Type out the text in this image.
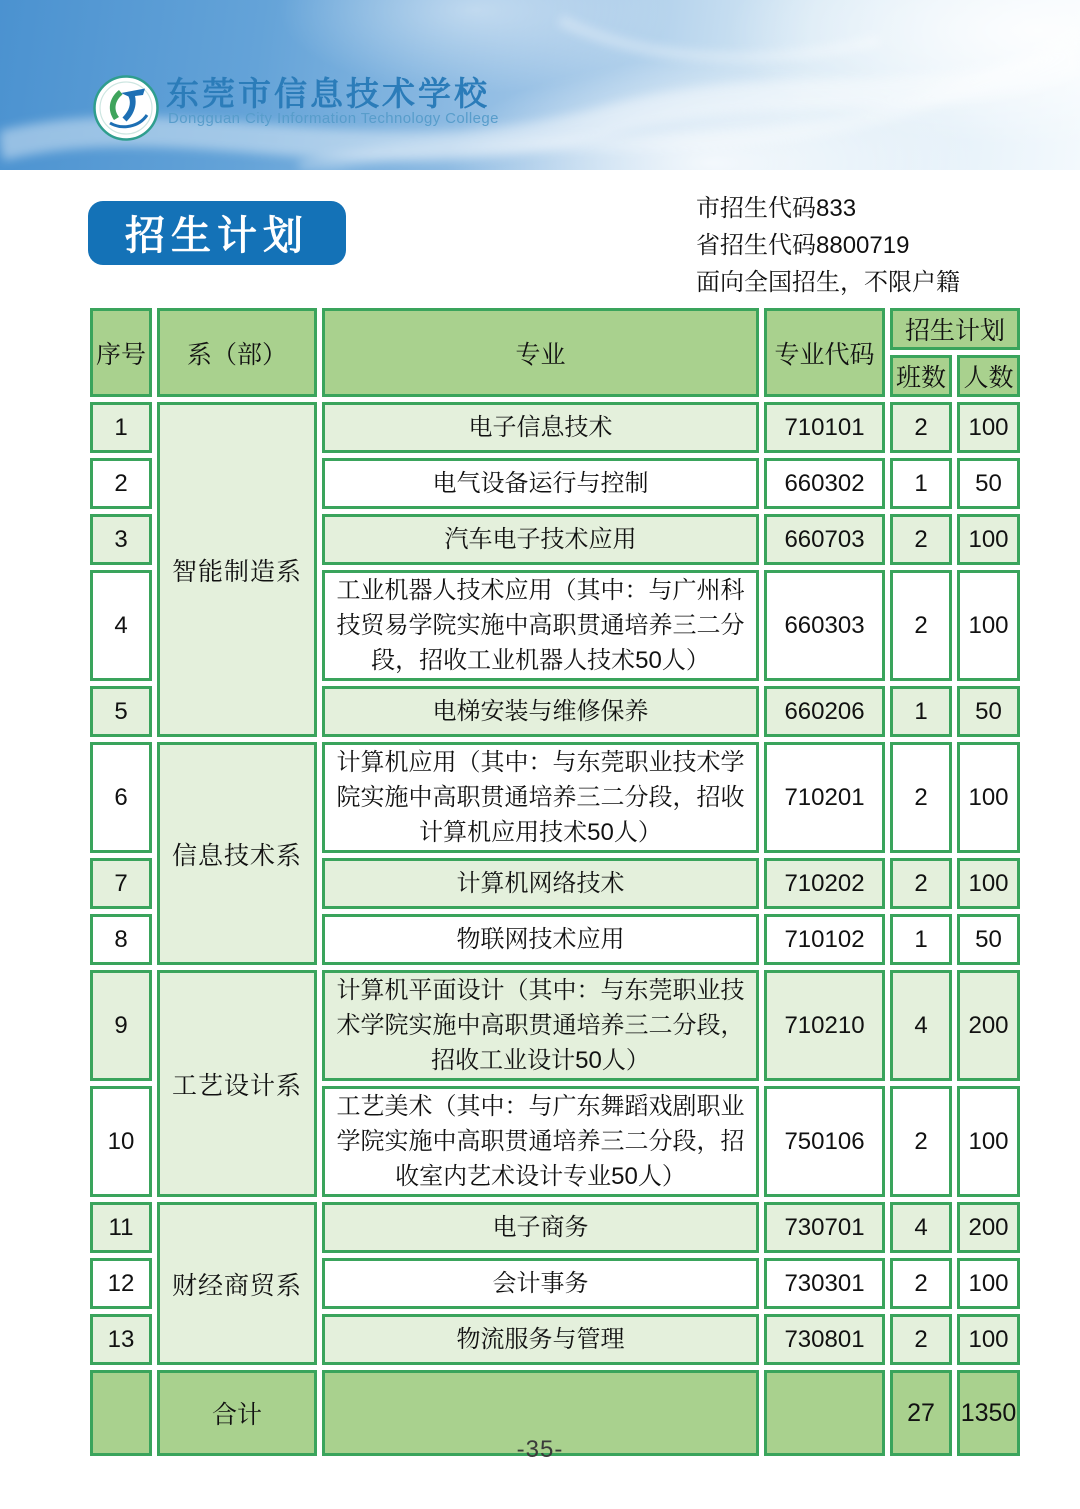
东莞市信息技术学校
Dongguan City Information Technology College
招生计划
市招生代码833
省招生代码8800719
面向全国招生，不限户籍
序号	系（部）	专业	专业代码	招生计划	
				班数	人数
1	智能制造系	电子信息技术	710101	2	100
2		电气设备运行与控制	660302	1	50
3		汽车电子技术应用	660703	2	100
4		工业机器人技术应用（其中：与广州科技贸易学院实施中高职贯通培养三二分段，招收工业机器人技术50人）	660303	2	100
5		电梯安装与维修保养	660206	1	50
6	信息技术系	计算机应用（其中：与东莞职业技术学院实施中高职贯通培养三二分段，招收计算机应用技术50人）	710201	2	100
7		计算机网络技术	710202	2	100
8		物联网技术应用	710102	1	50
9	工艺设计系	计算机平面设计（其中：与东莞职业技术学院实施中高职贯通培养三二分段，招收工业设计50人）	710210	4	200
10		工艺美术（其中：与广东舞蹈戏剧职业学院实施中高职贯通培养三二分段，招收室内艺术设计专业50人）	750106	2	100
11	财经商贸系	电子商务	730701	4	200
12		会计事务	730301	2	100
13		物流服务与管理	730801	2	100
	合计			27	1350
-35-
